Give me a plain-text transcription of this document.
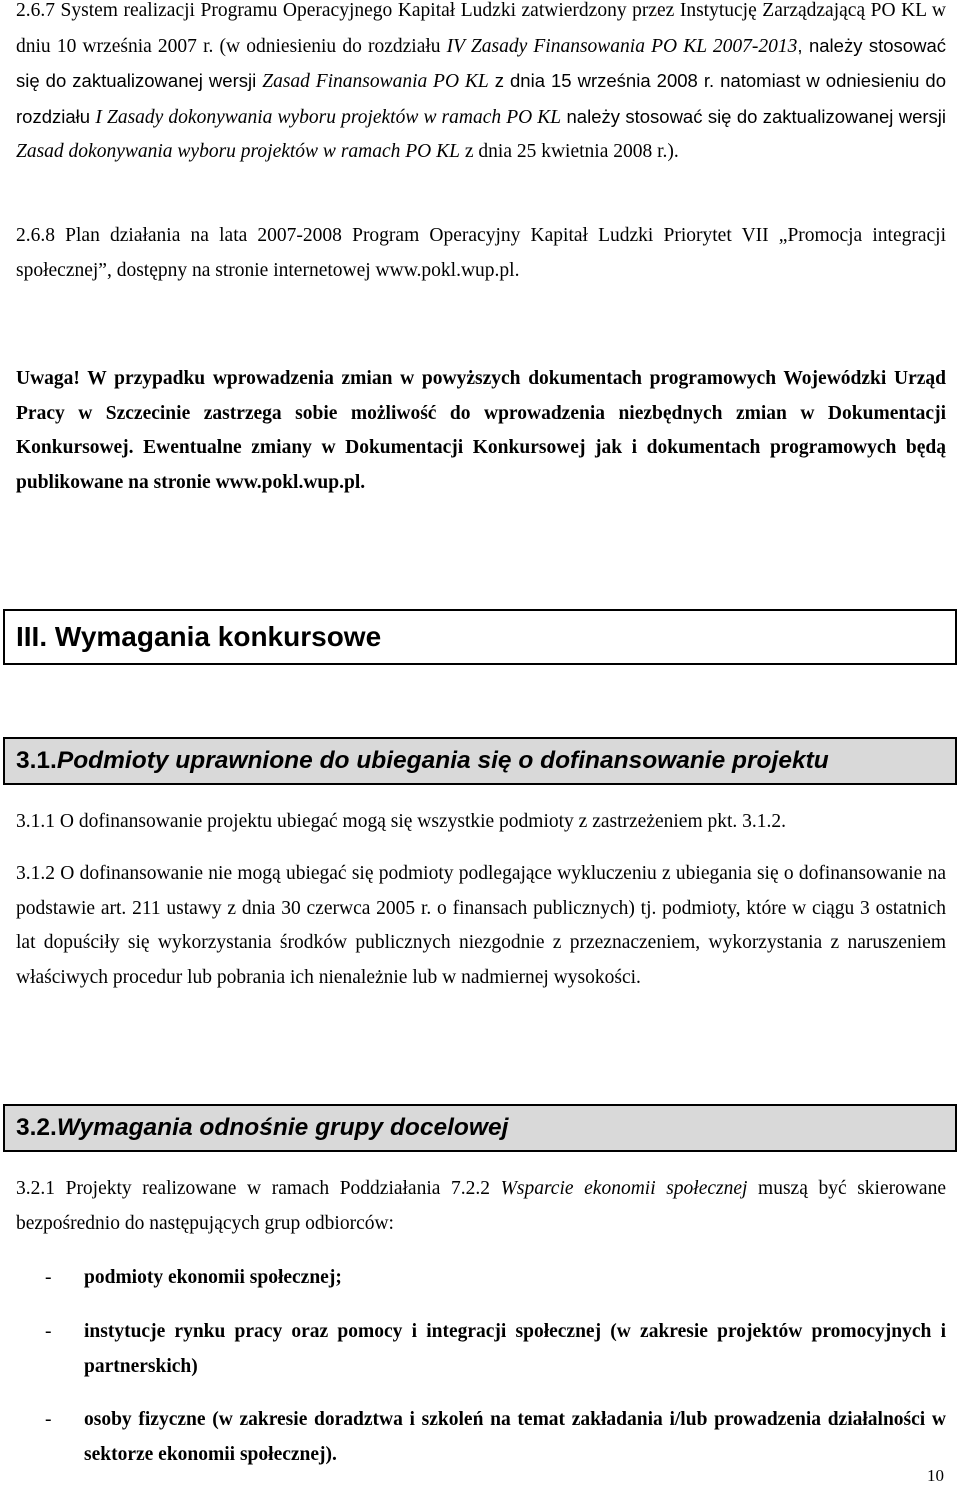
2.6.7 System realizacji Programu Operacyjnego Kapitał Ludzki zatwierdzony przez Instytucję Zarządzającą PO KL w dniu 10 września 2007 r. (w odniesieniu do rozdziału IV Zasady Finansowania PO KL 2007-2013, należy stosować się do zaktualizowanej wersji Zasad Finansowania PO KL z dnia 15 września 2008 r. natomiast w odniesieniu do rozdziału I Zasady dokonywania wyboru projektów w ramach PO KL należy stosować się do zaktualizowanej wersji Zasad dokonywania wyboru projektów w ramach PO KL z dnia 25 kwietnia 2008 r.).

2.6.8 Plan działania na lata 2007-2008 Program Operacyjny Kapitał Ludzki Priorytet VII „Promocja integracji społecznej”, dostępny na stronie internetowej www.pokl.wup.pl.

Uwaga! W przypadku wprowadzenia zmian w powyższych dokumentach programowych Wojewódzki Urząd Pracy w Szczecinie zastrzega sobie możliwość do wprowadzenia niezbędnych zmian w Dokumentacji Konkursowej. Ewentualne zmiany w Dokumentacji Konkursowej jak i dokumentach programowych będą publikowane na stronie www.pokl.wup.pl.

III. Wymagania konkursowe
3.1. Podmioty uprawnione do ubiegania się o dofinansowanie projektu

3.1.1 O dofinansowanie projektu ubiegać mogą się wszystkie podmioty z zastrzeżeniem pkt. 3.1.2.

3.1.2 O dofinansowanie nie mogą ubiegać się podmioty podlegające wykluczeniu z ubiegania się o dofinansowanie na podstawie art. 211 ustawy z dnia 30 czerwca 2005 r. o finansach publicznych) tj. podmioty, które w ciągu 3 ostatnich lat dopuściły się wykorzystania środków publicznych niezgodnie z przeznaczeniem, wykorzystania z naruszeniem właściwych procedur lub pobrania ich nienależnie lub w nadmiernej wysokości.

3.2. Wymagania odnośnie grupy docelowej

3.2.1 Projekty realizowane w ramach Poddziałania 7.2.2 Wsparcie ekonomii społecznej muszą być skierowane bezpośrednio do następujących grup odbiorców:

- podmioty ekonomii społecznej;
- instytucje rynku pracy oraz pomocy i integracji społecznej (w zakresie projektów promocyjnych i partnerskich)
- osoby fizyczne (w zakresie doradztwa i szkoleń na temat zakładania i/lub prowadzenia działalności w sektorze ekonomii społecznej).
10
